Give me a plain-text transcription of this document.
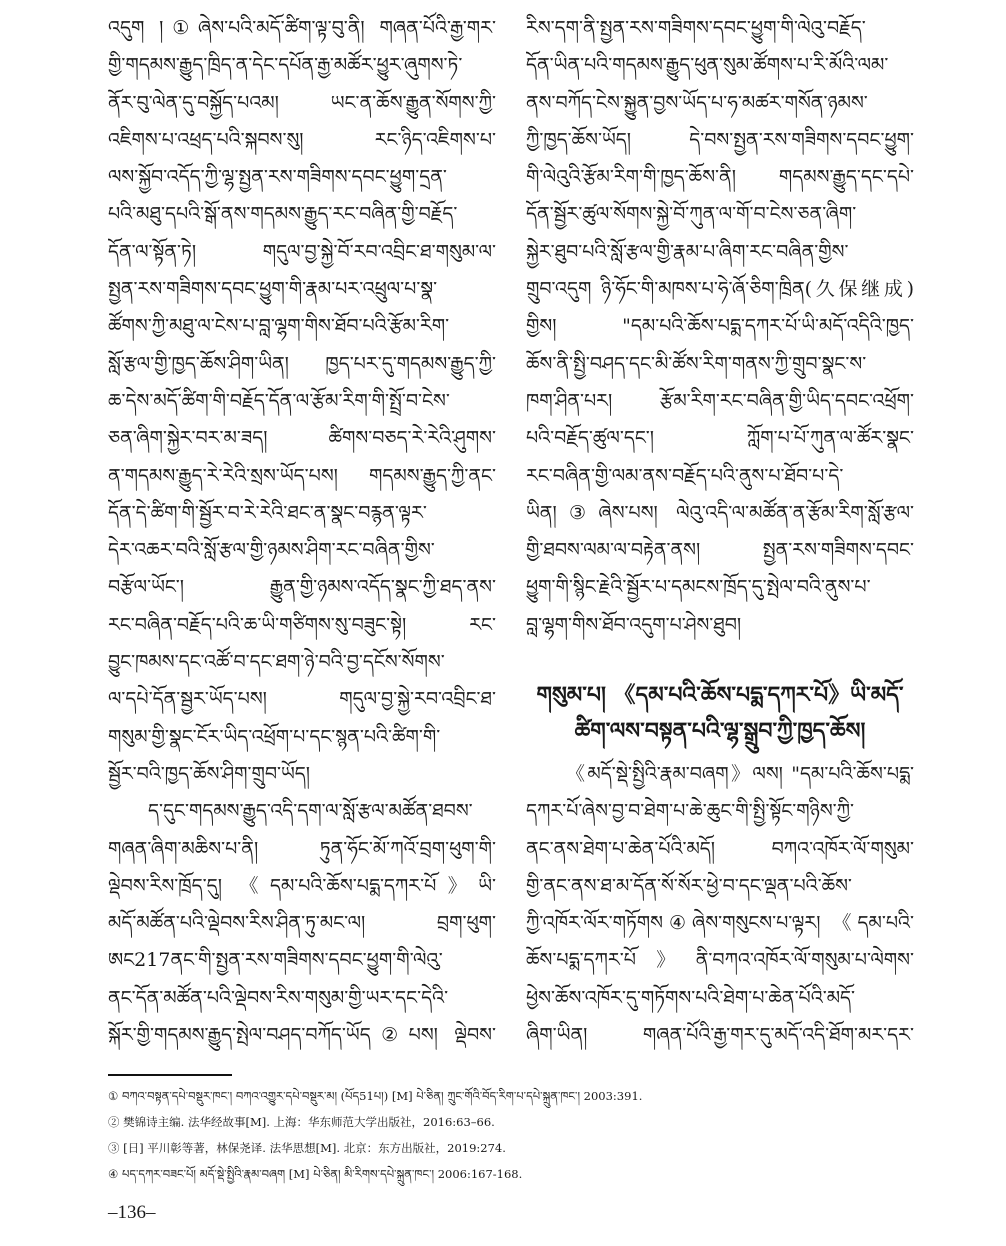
འདུག །①ཞེས་པའི་མདོ་ཚིག་ལྟ་བུ་ནི། གཞན་པོའི་རྒྱ་གར་
གྱི་གདམས་རྒྱུད་ཁྲིད་ན་དེང་དཔོན་རྒྱ་མཚོར་ཕྱུར་ཞུགས་ཏེ་
ནོར་བུ་ལེན་དུ་བསྐྱོད་པའམ། ཡང་ན་ཆོས་རྒྱུན་སོགས་ཀྱི་
འཇིགས་པ་འཕྲད་པའི་སྐབས་སུ། རང་ཉིད་འཇིགས་པ་
ལས་སྐྱོབ་འདོད་ཀྱི་ལྷ་སྤྱན་རས་གཟིགས་དབང་ཕྱུག་དྲན་
པའི་མཐུ་དཔའི་སྒོ་ནས་གདམས་རྒྱུད་རང་བཞིན་གྱི་བརྗོད་
དོན་ལ་སྟོན་ཏེ། གདུལ་བྱ་སྐྱེ་བོ་རབ་འབྲིང་ཐ་གསུམ་ལ་
སྤྱན་རས་གཟིགས་དབང་ཕྱུག་གི་རྣམ་པར་འཕྲུལ་པ་སྣ་
ཚོགས་ཀྱི་མཐུ་ལ་ངེས་པ་བླ་ལྷག་གིས་ཐོབ་པའི་རྩོམ་རིག་
སློ་རྩལ་གྱི་ཁྱད་ཆོས་ཤིག་ཡིན། ཁྱད་པར་དུ་གདམས་རྒྱུད་ཀྱི་
ཆ་དེས་མདོ་ཚིག་གི་བརྗོད་དོན་ལ་རྩོམ་རིག་གི་སྤྲོ་བ་ངེས་
ཅན་ཞིག་སྐྱེར་བར་མ་ཟད། ཚིགས་བཅད་རེ་རེའི་ཤུགས་
ན་གདམས་རྒྱུད་རེ་རེའི་སྲས་ཡོད་པས། གདམས་རྒྱུད་ཀྱི་ནང་
དོན་དེ་ཚིག་གི་སྦྱོར་བ་རེ་རེའི་ཐང་ན་སྣང་བརྙན་ལྟར་
དེར་འཆར་བའི་སློ་རྩལ་གྱི་ཉམས་ཤིག་རང་བཞིན་གྱིས་
བརྩོལ་ཡོང་། རྒྱུན་གྱི་ཉམས་འདོད་སྣང་ཀྱི་ཐད་ནས་
རང་བཞིན་བརྗོད་པའི་ཆ་ཡི་གཙིགས་སུ་བཟུང་སྟེ། རང་
བྱུང་ཁམས་དང་འཚོ་བ་དང་ཐག་ཉེ་བའི་བྱ་དངོས་སོགས་
ལ་དཔེ་དོན་སྦྱར་ཡོད་པས། གདུལ་བྱ་སྐྱེ་རབ་འབྲིང་ཐ་
གསུམ་གྱི་སྣང་ངོར་ཡིད་འཕྲོག་པ་དང་སྙན་པའི་ཚིག་གི་
སྦྱོར་བའི་ཁྱད་ཆོས་ཤིག་གྲུབ་ཡོད།
ད་དུང་གདམས་རྒྱུད་འདི་དག་ལ་སློ་རྩལ་མཚོན་ཐབས་
གཞན་ཞིག་མཆིས་པ་ནི། ཏུན་ཧོང་མོ་ཀའོ་བྲག་ཕུག་གི་
ལྡེབས་རིས་ཁྲོད་དུ། 《དམ་པའི་ཆོས་པདྨ་དཀར་པོ》ཡི་
མདོ་མཚོན་པའི་ལྡེབས་རིས་ཤིན་ཏུ་མང་ལ། བྲག་ཕུག་
ཨང217ནང་གི་སྤྱན་རས་གཟིགས་དབང་ཕྱུག་གི་ལེའུ་
ནང་དོན་མཚོན་པའི་ལྡེབས་རིས་གསུམ་གྱི་ཡར་དང་དེའི་
སྐོར་གྱི་གདམས་རྒྱུད་སྤེལ་བཤད་བཀོད་ཡོད②པས། ལྡེབས་
རིས་དག་ནི་སྤྱན་རས་གཟིགས་དབང་ཕྱུག་གི་ལེའུ་བརྗོད་
དོན་ཡིན་པའི་གདམས་རྒྱུད་ཕུན་སུམ་ཚོགས་པ་རི་མོའི་ལམ་
ནས་བཀོད་ངེས་སྐྱུན་བྱས་ཡོད་པ་ཧ་མཚར་གསོན་ཉམས་
ཀྱི་ཁྱད་ཆོས་ཡོད། དེ་བས་སྤྱན་རས་གཟིགས་དབང་ཕྱུག་
གི་ལེའུའི་རྩོམ་རིག་གི་ཁྱད་ཆོས་ནི། གདམས་རྒྱུད་དང་དཔེ་
དོན་སྦྱོར་ཚུལ་སོགས་སྐྱེ་བོ་ཀུན་ལ་གོ་བ་ངེས་ཅན་ཞིག་
སྐྱེར་ཐུབ་པའི་སློ་རྩལ་གྱི་རྣམ་པ་ཞིག་རང་བཞིན་གྱིས་
གྲུབ་འདུག ཉི་ཧོང་གི་མཁས་པ་ཧེ་ཞོ་ཅིག་ཁྲིན(久保继成)
གྱིས། "དམ་པའི་ཆོས་པདྨ་དཀར་པོ་ཡི་མདོ་འདིའི་ཁྱད་
ཆོས་ནི་སྤྱི་བཤད་དང་མི་ཚོས་རིག་གནས་ཀྱི་གྲུབ་སྣང་ས་
ཁག་ཤིན་པར། རྩོམ་རིག་རང་བཞིན་གྱི་ཡིད་དབང་འཕྲོག་
པའི་བརྗོད་ཚུལ་དང་། ཀློག་པ་པོ་ཀུན་ལ་ཚོར་སྣང་
རང་བཞིན་གྱི་ལམ་ནས་བརྗོད་པའི་ནུས་པ་ཐོབ་པ་དེ་
ཡིན།③ཞེས་པས། ལེའུ་འདི་ལ་མཚོན་ན་རྩོམ་རིག་སློ་རྩལ་
གྱི་ཐབས་ལམ་ལ་བརྟེན་ནས། སྤྱན་རས་གཟིགས་དབང་
ཕྱུག་གི་སྙིང་རྗེའི་སྦྱོར་པ་དམངས་ཁྲོད་དུ་སྤེལ་བའི་ནུས་པ་
བླ་ལྷག་གིས་ཐོབ་འདུག་པ་ཤེས་ཐུབ།
གསུམ་པ། 《དམ་པའི་ཆོས་པདྨ་དཀར་པོ》ཡི་མདོ་
ཚིག་ལས་བསྟན་པའི་ལྷ་སྒྲུབ་ཀྱི་ཁྱད་ཆོས།
《མདོ་སྡེ་སྤྱིའི་རྣམ་བཞག》ལས། "དམ་པའི་ཆོས་པདྨ་
དཀར་པོ་ཞེས་བྱ་བ་ཐེག་པ་ཆེ་ཆུང་གི་སྤྱི་སྟོང་གཉིས་ཀྱི་
ནང་ནས་ཐེག་པ་ཆེན་པོའི་མདོ། བཀའ་འཁོར་ལོ་གསུམ་
གྱི་ནང་ནས་ཐ་མ་དོན་སོ་སོར་ཕྱེ་བ་དང་ལྡན་པའི་ཆོས་
ཀྱི་འཁོར་ལོར་གཏོགས④ཞེས་གསུངས་པ་ལྟར། 《དམ་པའི་
ཆོས་པདྨ་དཀར་པོ》ནི་བཀའ་འཁོར་ལོ་གསུམ་པ་ལེགས་
ཕྱེས་ཆོས་འཁོར་དུ་གཏོགས་པའི་ཐེག་པ་ཆེན་པོའི་མདོ་
ཞིག་ཡིན། གཞན་པོའི་རྒྱ་གར་དུ་མདོ་འདི་ཐོག་མར་དར་
① བཀའ་བསྟན་དཔེ་བསྡུར་ཁང་། བཀའ་འགྱུར་དཔེ་བསྡུར་མ། (པོད51པ།) [M] པེ་ཅིན། ཀྲུང་གོའི་བོད་རིག་པ་དཔེ་སྐྲུན་ཁང་། 2003:391.
② 樊锦诗主编. 法华经故事[M]. 上海：华东师范大学出版社，2016:63–66.
③ [日] 平川彰等著，林保尧译. 法华思想[M]. 北京：东方出版社，2019:274.
④ པད་དཀར་བཟང་པོ། མདོ་སྡེ་སྤྱིའི་རྣམ་བཞག [M] པེ་ཅིན། མི་རིགས་དཔེ་སྐྲུན་ཁང་། 2006:167-168.
–136–
